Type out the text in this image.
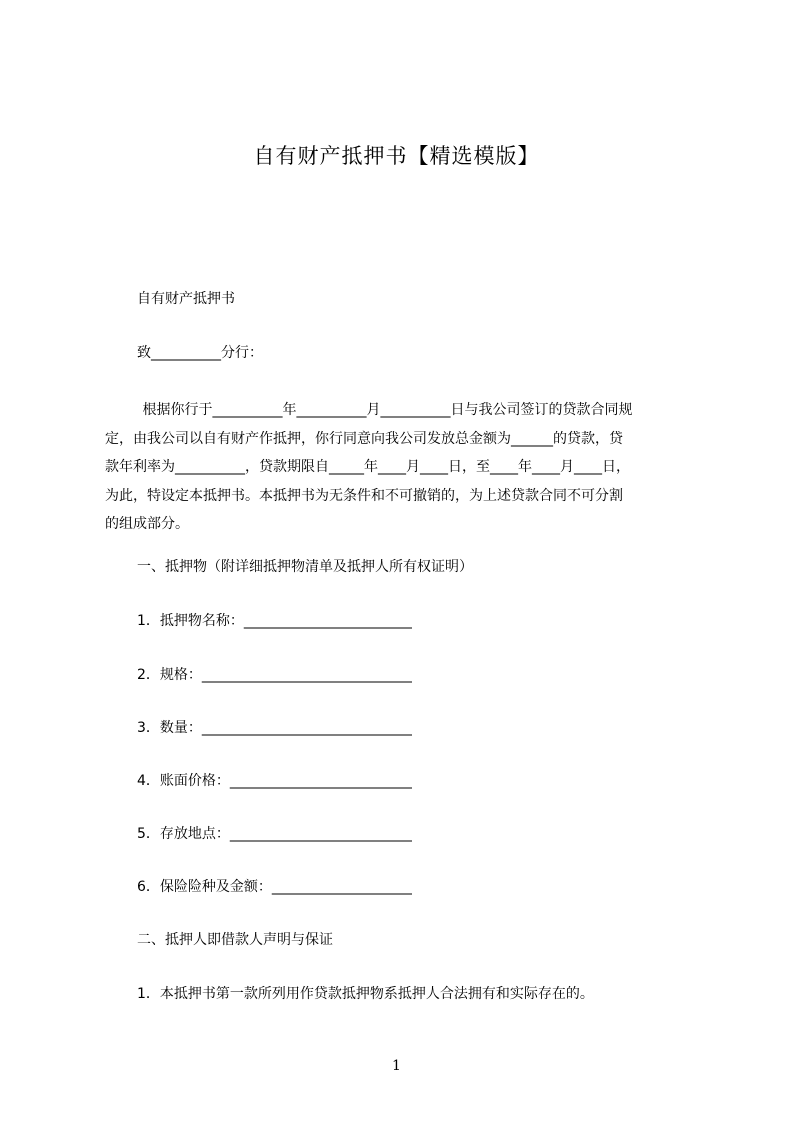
自有财产抵押书【精选模版】
自有财产抵押书
致__________分行：
根据你行于__________年__________月__________日与我公司签订的贷款合同规
定，由我公司以自有财产作抵押，你行同意向我公司发放总金额为______的贷款，贷
款年利率为__________，贷款期限自_____年____月____日，至____年____月____日，
为此，特设定本抵押书。本抵押书为无条件和不可撤销的，为上述贷款合同不可分割
的组成部分。
一、抵押物（附详细抵押物清单及抵押人所有权证明）
1．抵押物名称：________________________
2．规格：______________________________
3．数量：______________________________
4．账面价格：__________________________
5．存放地点：__________________________
6．保险险种及金额：____________________
二、抵押人即借款人声明与保证
1．本抵押书第一款所列用作贷款抵押物系抵押人合法拥有和实际存在的。
1
